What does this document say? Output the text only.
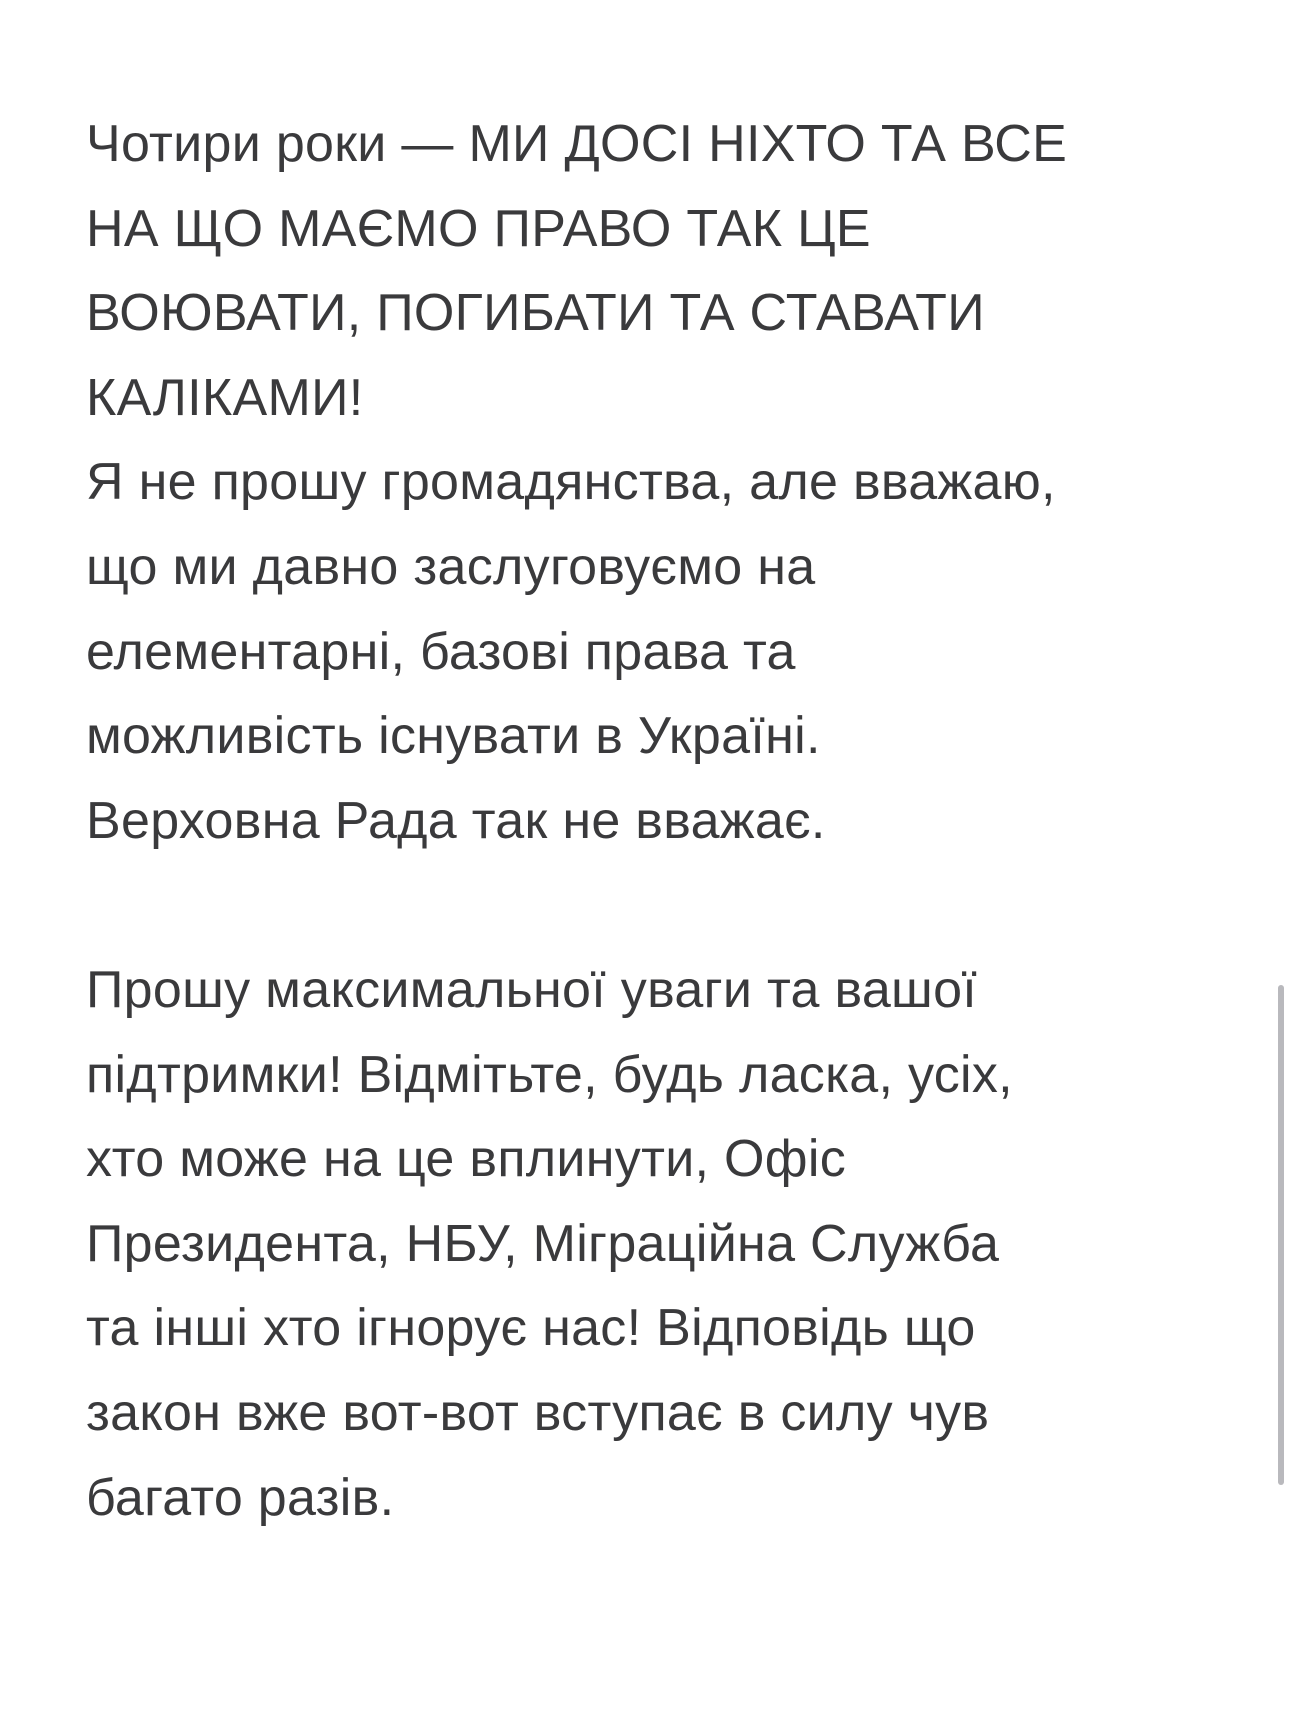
Чотири роки — МИ ДОСІ НІХТО ТА ВСЕ
НА ЩО МАЄМО ПРАВО ТАК ЦЕ
ВОЮВАТИ, ПОГИБАТИ ТА СТАВАТИ
КАЛІКАМИ!
Я не прошу громадянства, але вважаю,
що ми давно заслуговуємо на
елементарні, базові права та
можливість існувати в Україні.
Верховна Рада так не вважає.

Прошу максимальної уваги та вашої
підтримки! Відмітьте, будь ласка, усіх,
хто може на це вплинути, Офіс
Президента, НБУ, Міграційна Служба
та інші хто ігнорує нас! Відповідь що
закон вже вот-вот вступає в силу чув
багато разів.
